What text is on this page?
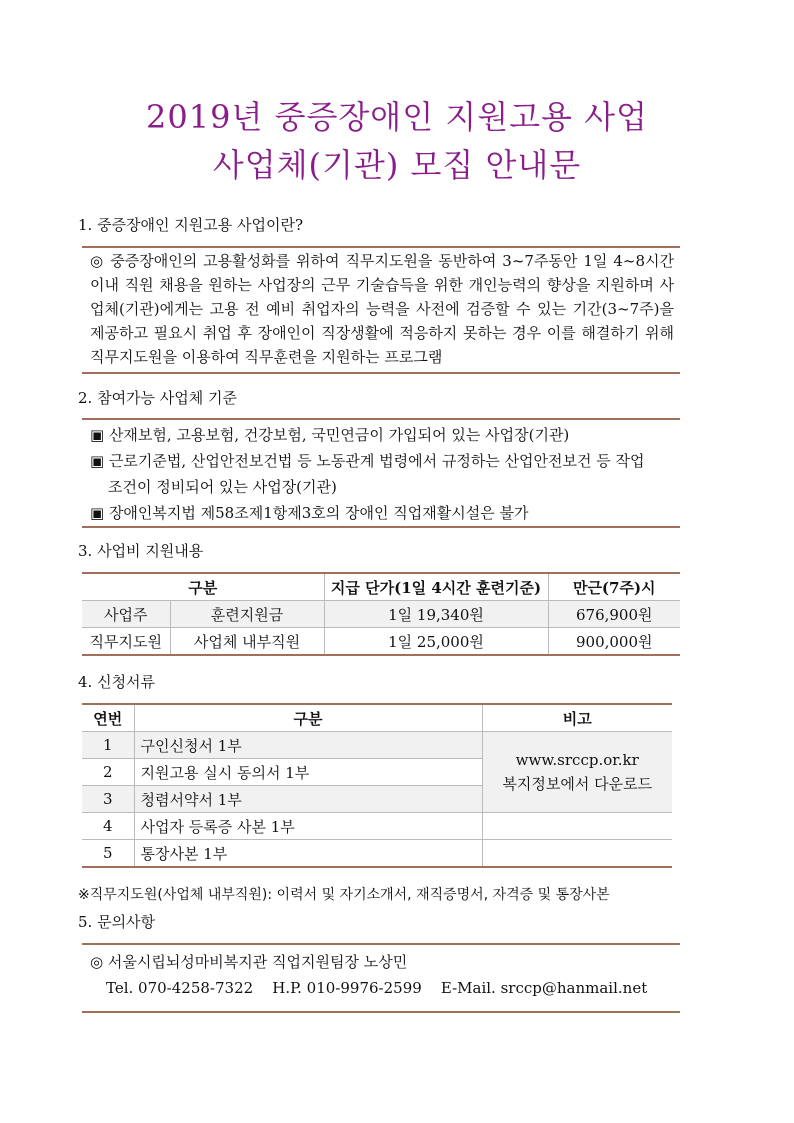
2019년 중증장애인 지원고용 사업
사업체(기관) 모집 안내문
1. 중증장애인 지원고용 사업이란?
◎ 중증장애인의 고용활성화를 위하여 직무지도원을 동반하여 3~7주동안 1일 4~8시간 이내 직원 채용을 원하는 사업장의 근무 기술습득을 위한 개인능력의 향상을 지원하며 사업체(기관)에게는 고용 전 예비 취업자의 능력을 사전에 검증할 수 있는 기간(3~7주)을 제공하고 필요시 취업 후 장애인이 직장생활에 적응하지 못하는 경우 이를 해결하기 위해 직무지도원을 이용하여 직무훈련을 지원하는 프로그램
2. 참여가능 사업체 기준
▣ 산재보험, 고용보험, 건강보험, 국민연금이 가입되어 있는 사업장(기관)
▣ 근로기준법, 산업안전보건법 등 노동관계 법령에서 규정하는 산업안전보건 등 작업
조건이 정비되어 있는 사업장(기관)
▣ 장애인복지법 제58조제1항제3호의 장애인 직업재활시설은 불가
3. 사업비 지원내용
구분		지급 단가(1일 4시간 훈련기준)	만근(7주)시
사업주	훈련지원금	1일 19,340원	676,900원
직무지도원	사업체 내부직원	1일 25,000원	900,000원
4. 신청서류
연번	구분	비고
1	구인신청서 1부	www.srccp.or.kr
복지정보에서 다운로드

2	지원고용 실시 동의서 1부	
3	청렴서약서 1부	
4	사업자 등록증 사본 1부	
5	통장사본 1부	
※직무지도원(사업체 내부직원): 이력서 및 자기소개서, 재직증명서, 자격증 및 통장사본
5. 문의사항
◎ 서울시립뇌성마비복지관 직업지원팀장 노상민
Tel. 070-4258-7322    H.P. 010-9976-2599    E-Mail. srccp@hanmail.net
